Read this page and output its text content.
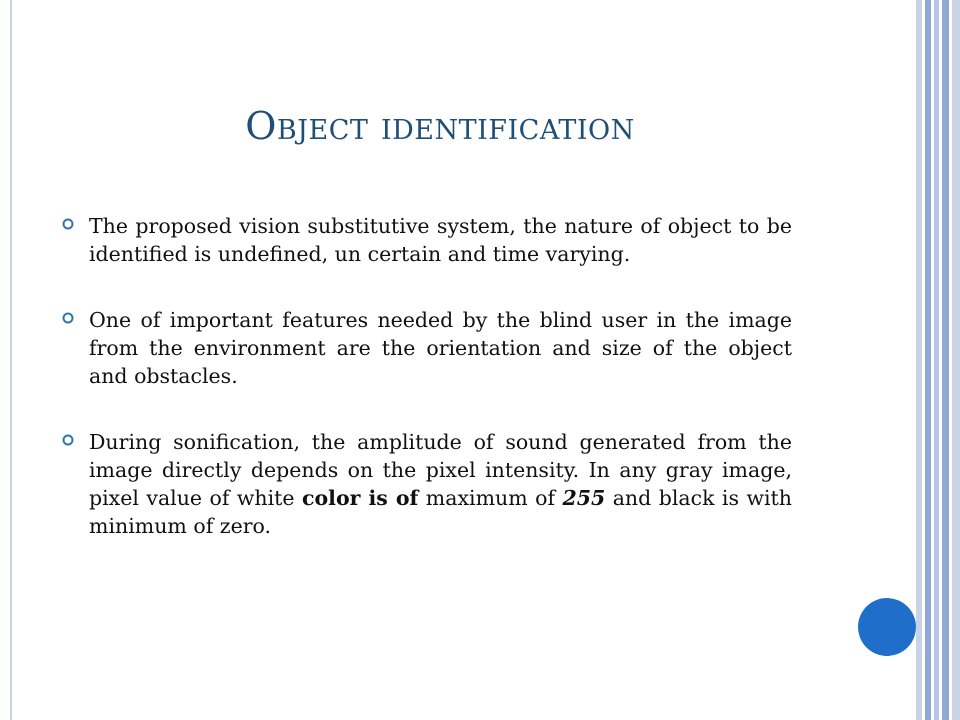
Object identification
The proposed vision substitutive system, the nature of object to be identified is undefined, un certain and time varying.
One of important features needed by the blind user in the image from the environment are the orientation and size of the object and obstacles.
During sonification, the amplitude of sound generated from the image directly depends on the pixel intensity. In any gray image, pixel value of white color is of maximum of 255 and black is with minimum of zero.
